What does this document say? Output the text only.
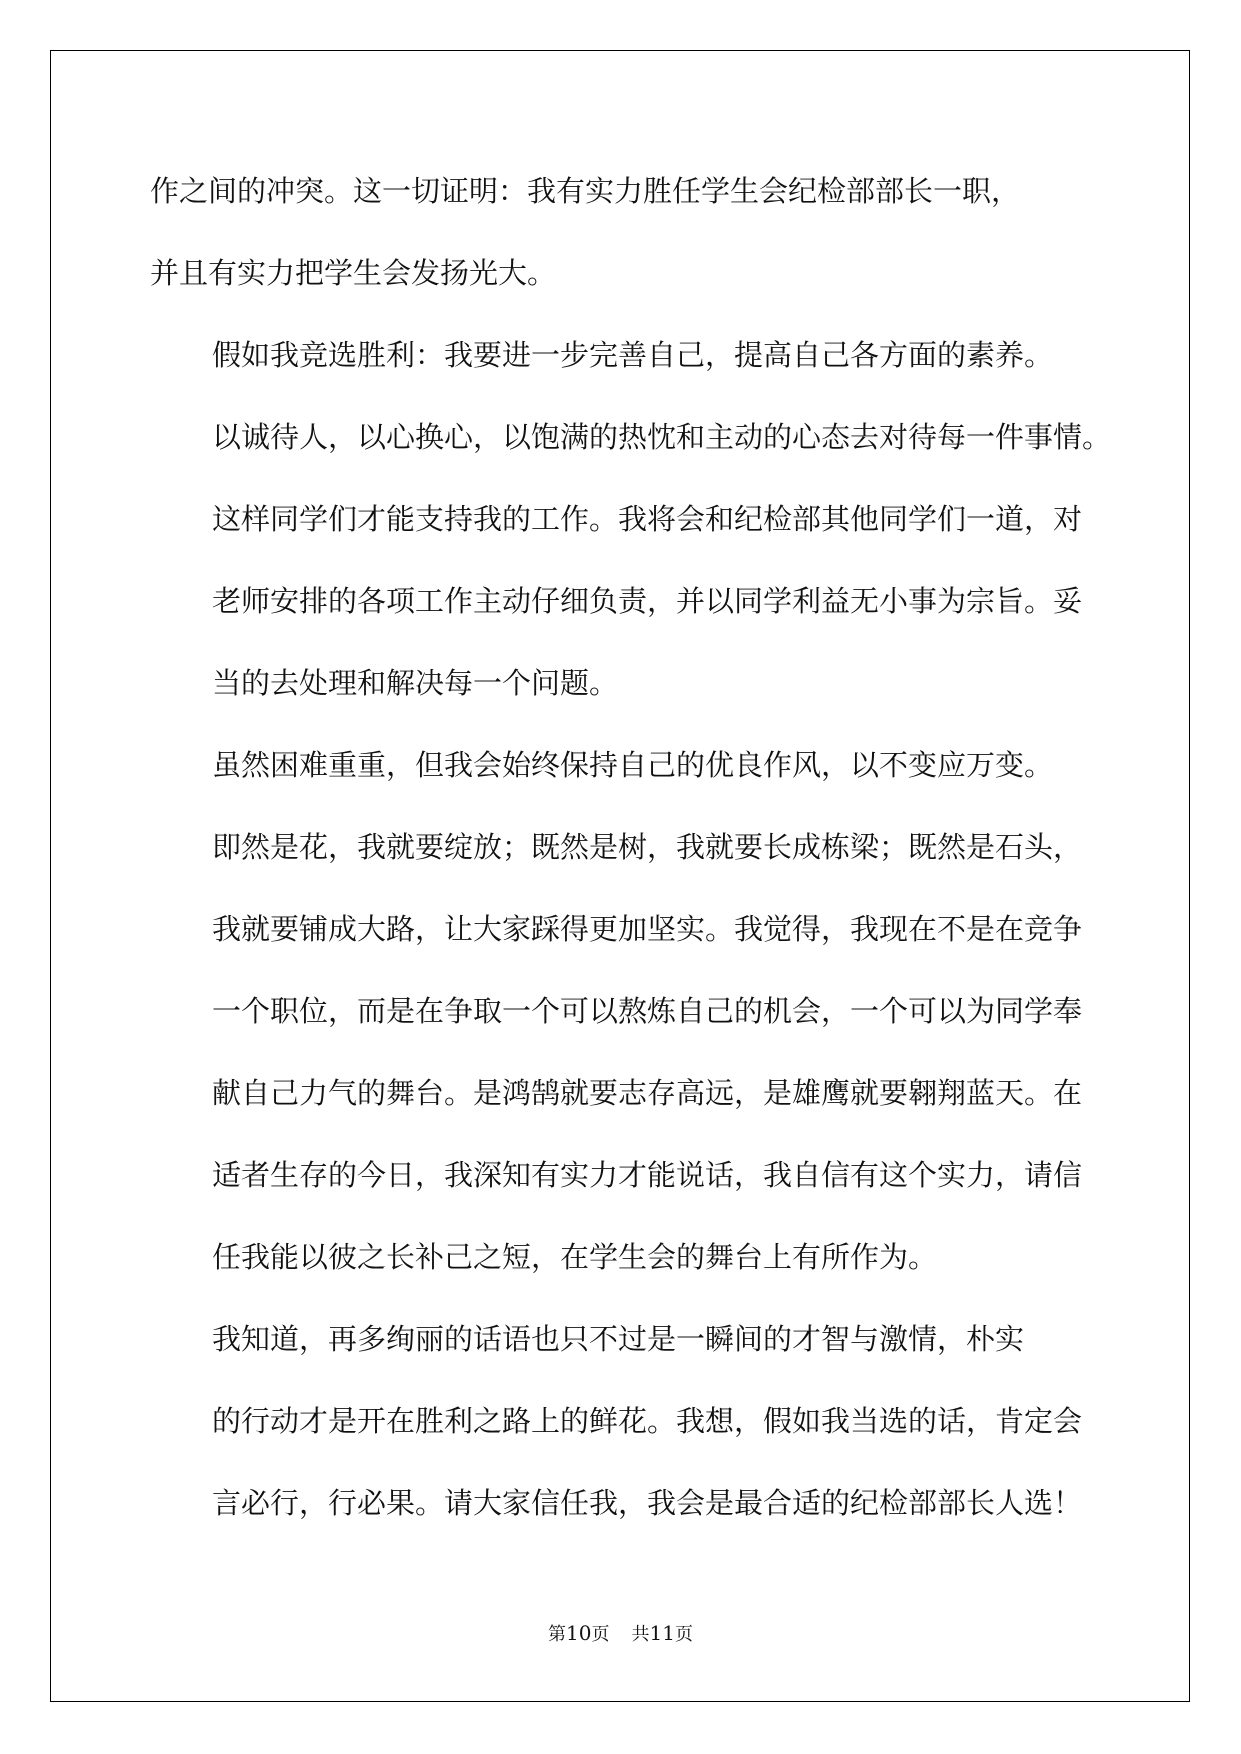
作之间的冲突。这一切证明：我有实力胜任学生会纪检部部长一职，
并且有实力把学生会发扬光大。

假如我竞选胜利：我要进一步完善自己，提高自己各方面的素养。
以诚待人，以心换心，以饱满的热忱和主动的心态去对待每一件事情。
这样同学们才能支持我的工作。我将会和纪检部其他同学们一道，对
老师安排的各项工作主动仔细负责，并以同学利益无小事为宗旨。妥
当的去处理和解决每一个问题。

虽然困难重重，但我会始终保持自己的优良作风，以不变应万变。
即然是花，我就要绽放；既然是树，我就要长成栋梁；既然是石头，
我就要铺成大路，让大家踩得更加坚实。我觉得，我现在不是在竞争
一个职位，而是在争取一个可以熬炼自己的机会，一个可以为同学奉
献自己力气的舞台。是鸿鹄就要志存高远，是雄鹰就要翱翔蓝天。在
适者生存的今日，我深知有实力才能说话，我自信有这个实力，请信
任我能以彼之长补己之短，在学生会的舞台上有所作为。

我知道，再多绚丽的话语也只不过是一瞬间的才智与激情，朴实
的行动才是开在胜利之路上的鲜花。我想，假如我当选的话，肯定会
言必行，行必果。请大家信任我，我会是最合适的纪检部部长人选！

第10页 共11页
